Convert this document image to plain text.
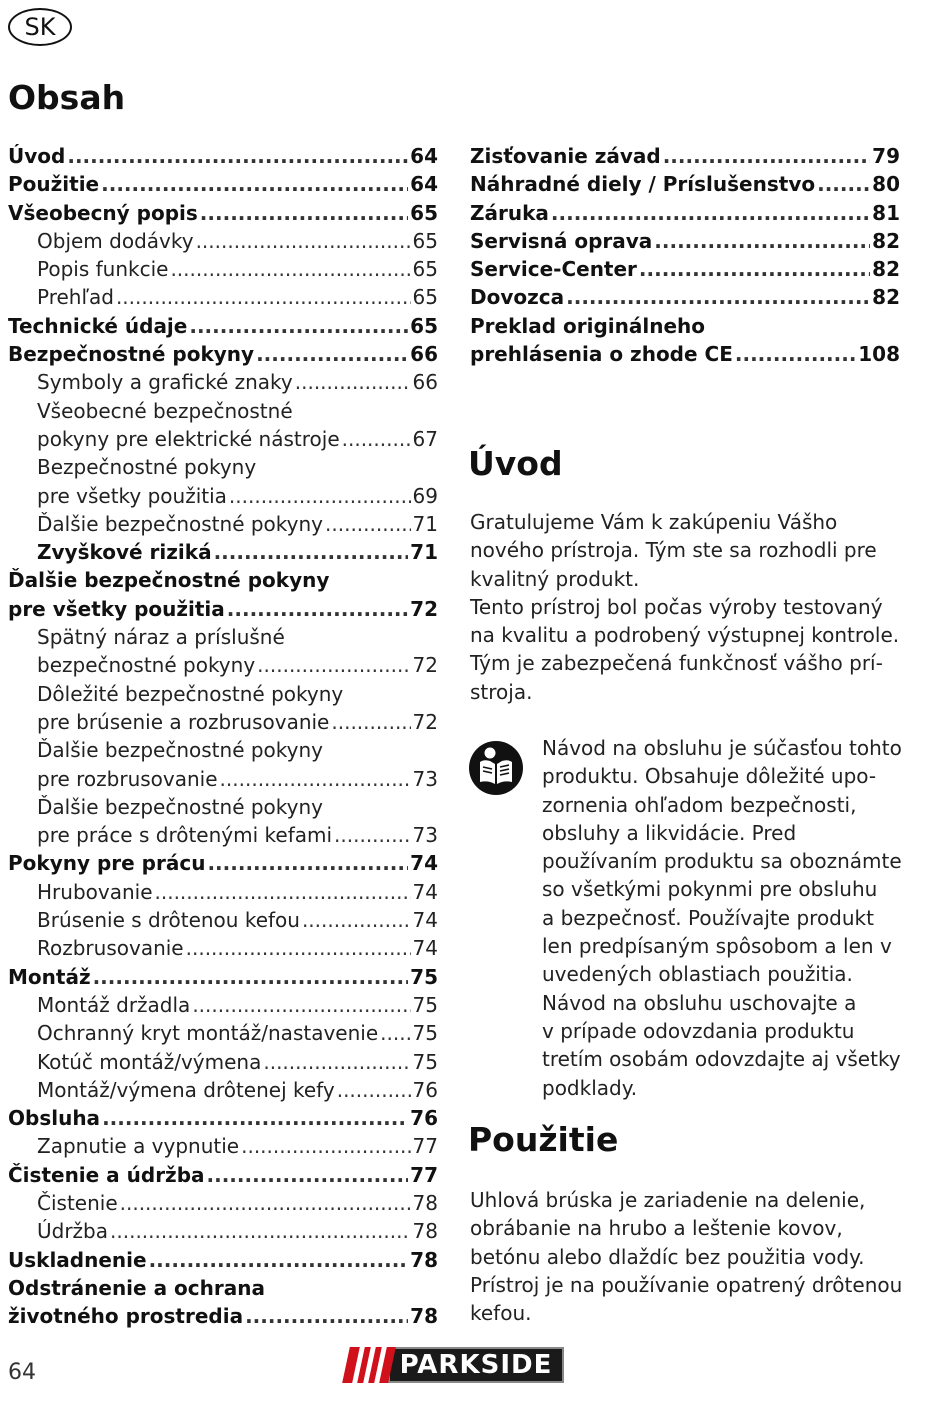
SK
Obsah
Úvod .....	64
Použitie .....	64
Všeobecný popis .....	65
Objem dodávky .....	65
Popis funkcie .....	65
Prehľad .....	65
Technické údaje .....	65
Bezpečnostné pokyny .....	66
Symboly a grafické znaky .....	66
Všeobecné bezpečnostné
pokyny pre elektrické nástroje .....	67
Bezpečnostné pokyny
pre všetky použitia .....	69
Ďalšie bezpečnostné pokyny .....	71
Zvyškové riziká .....	71
Ďalšie bezpečnostné pokyny
pre všetky použitia .....	72
Spätný náraz a príslušné
bezpečnostné pokyny .....	72
Dôležité bezpečnostné pokyny
pre brúsenie a rozbrusovanie .....	72
Ďalšie bezpečnostné pokyny
pre rozbrusovanie .....	73
Ďalšie bezpečnostné pokyny
pre práce s drôtenými kefami .....	73
Pokyny pre prácu .....	74
Hrubovanie .....	74
Brúsenie s drôtenou kefou .....	74
Rozbrusovanie .....	74
Montáž .....	75
Montáž držadla .....	75
Ochranný kryt montáž/nastavenie ..... 75
Kotúč montáž/výmena .....	75
Montáž/výmena drôtenej kefy .....	76
Obsluha .....	76
Zapnutie a vypnutie .....	77
Čistenie a údržba .....	77
Čistenie .....	78
Údržba .....	78
Uskladnenie .....	78
Odstránenie a ochrana
životného prostredia .....	78
Zisťovanie závad .....	79
Náhradné diely / Príslušenstvo .....	80
Záruka .....	81
Servisná oprava .....	82
Service-Center .....	82
Dovozca .....	82
Preklad originálneho
prehlásenia o zhode CE .....	108
Úvod
Gratulujeme Vám k zakúpeniu Vášho
nového prístroja. Tým ste sa rozhodli pre
kvalitný produkt.
Tento prístroj bol počas výroby testovaný
na kvalitu a podrobený výstupnej kontrole.
Tým je zabezpečená funkčnosť vášho prí-
stroja.
Návod na obsluhu je súčasťou tohto
produktu. Obsahuje dôležité upo-
zornenia ohľadom bezpečnosti,
obsluhy a likvidácie. Pred
používaním produktu sa oboznámte
so všetkými pokynmi pre obsluhu
a bezpečnosť. Používajte produkt
len predpísaným spôsobom a len v
uvedených oblastiach použitia.
Návod na obsluhu uschovajte a
v prípade odovzdania produktu
tretím osobám odovzdajte aj všetky
podklady.
Použitie
Uhlová brúska je zariadenie na delenie,
obrábanie na hrubo a leštenie kovov,
betónu alebo dlaždíc bez použitia vody.
Prístroj je na používanie opatrený drôtenou
kefou.
64	PARKSIDE
